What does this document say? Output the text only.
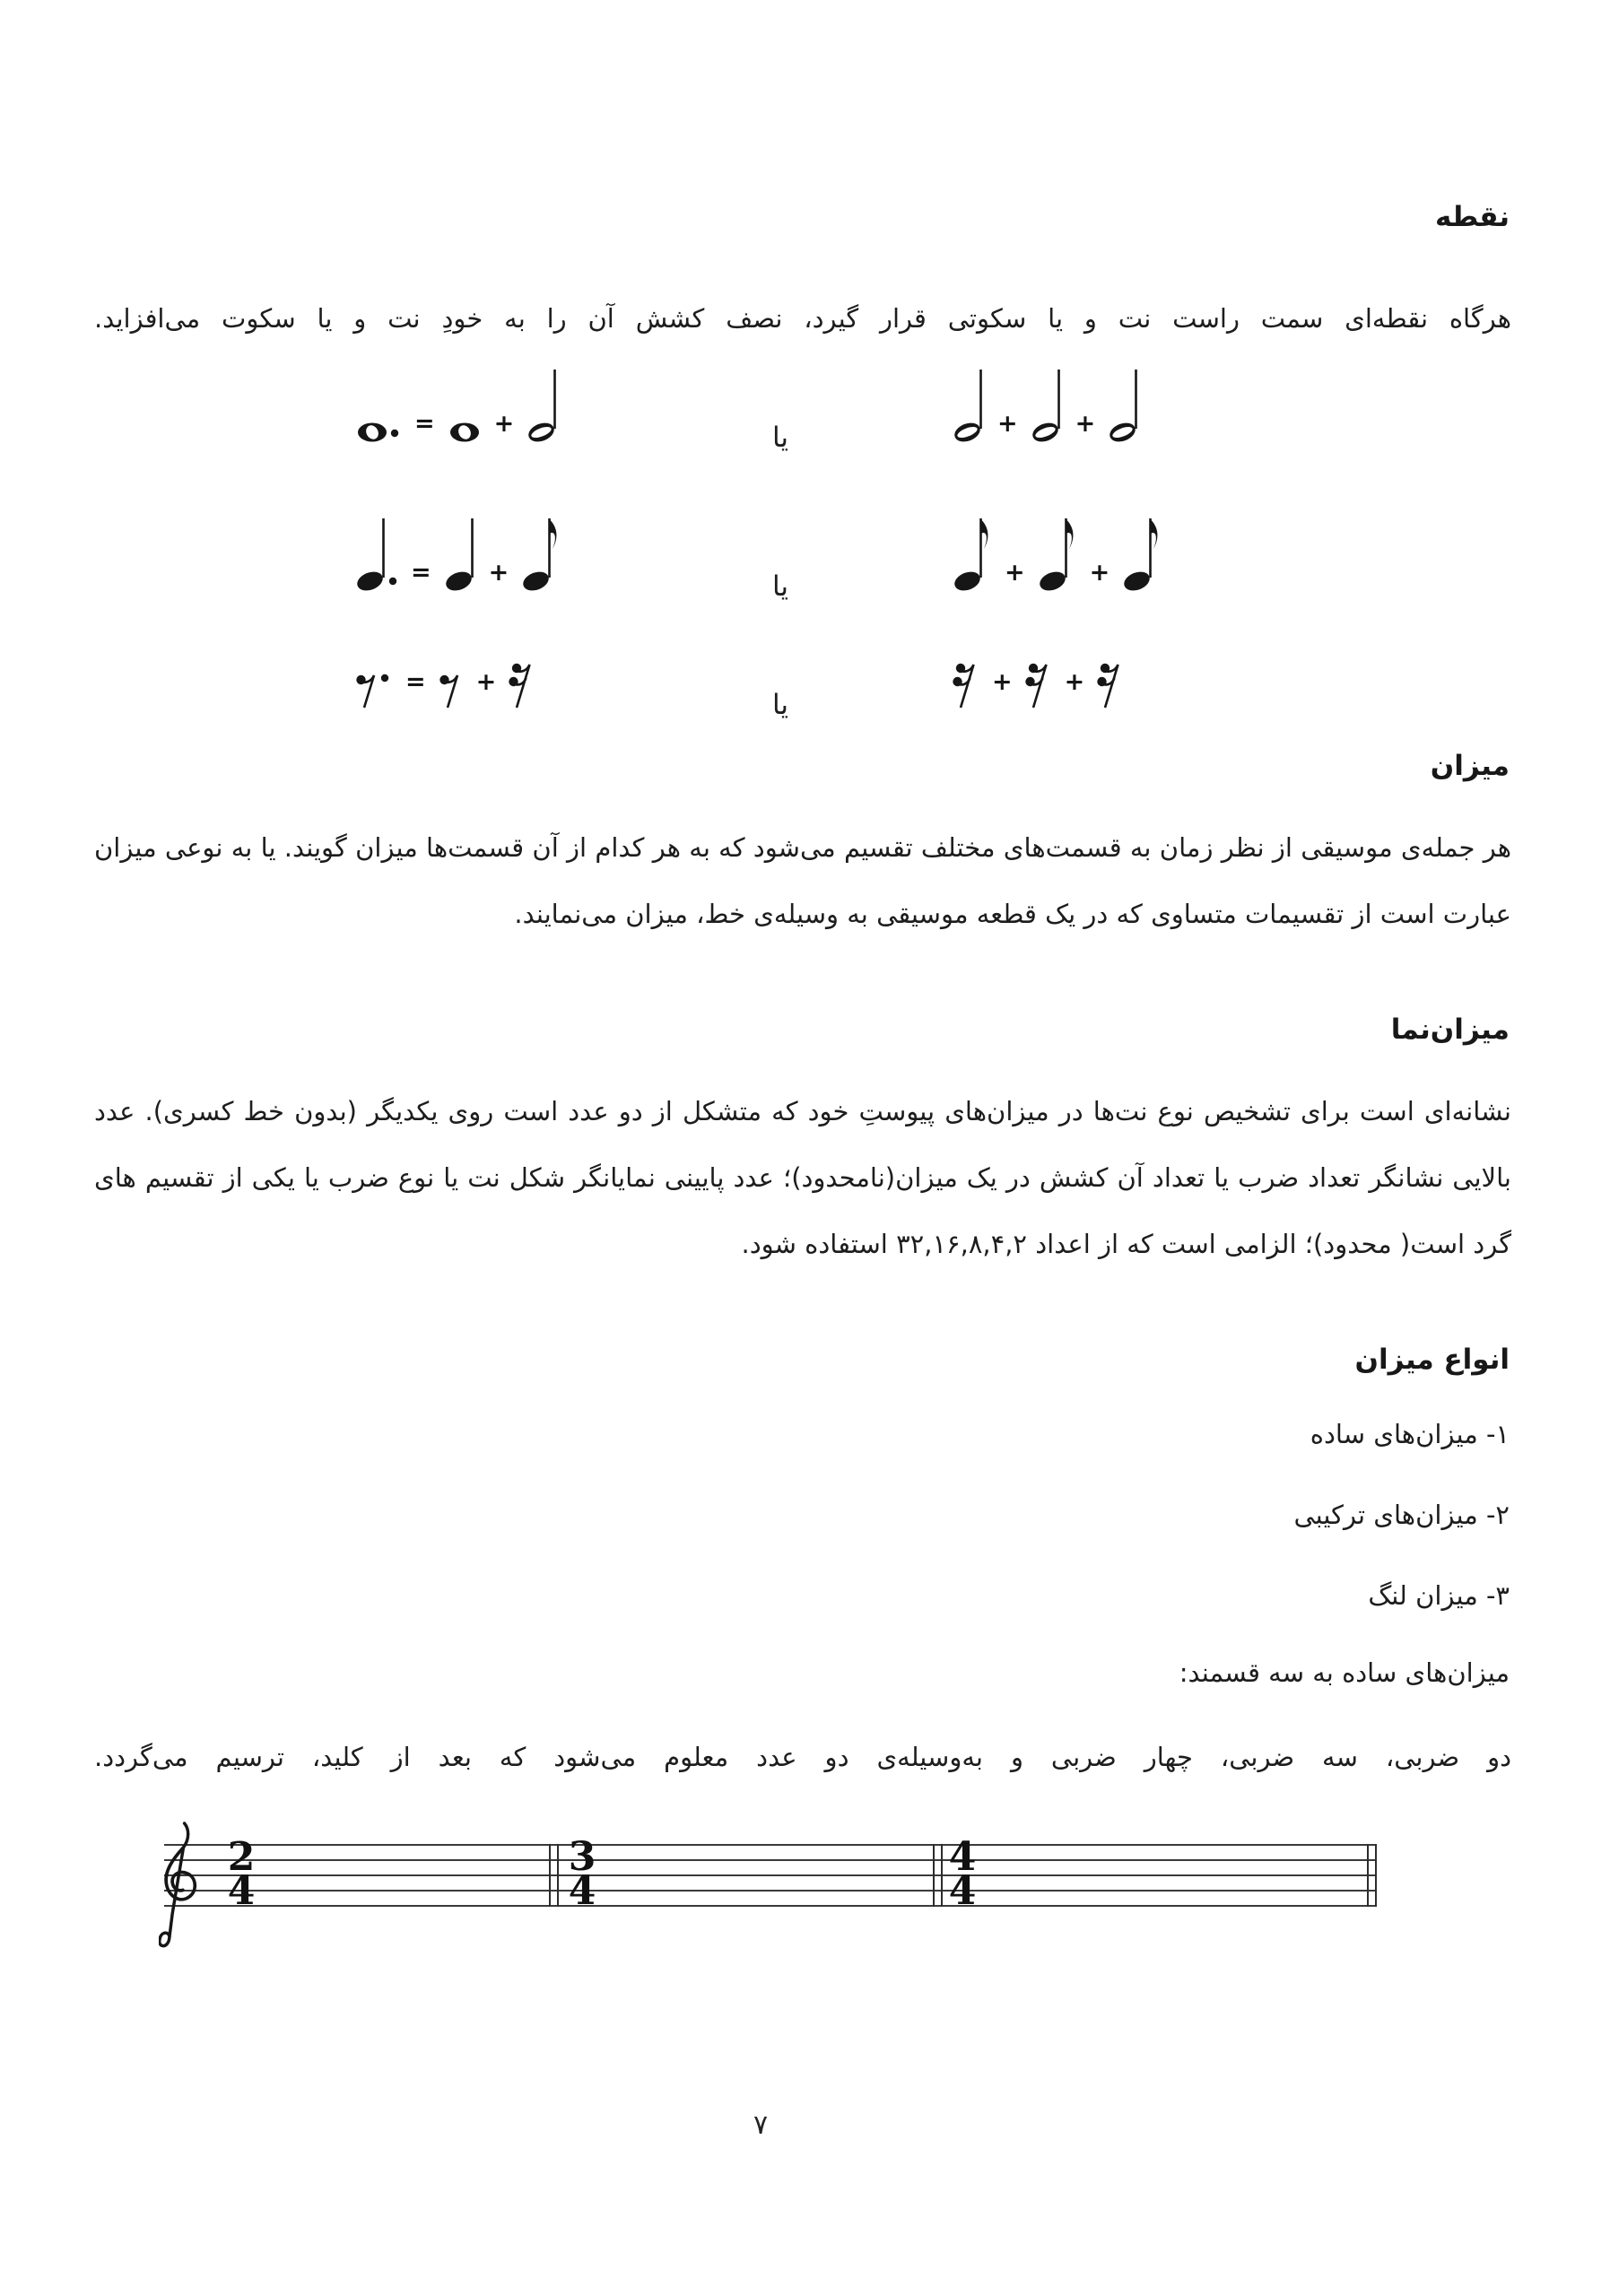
نقطه
هرگاه نقطه‌ای سمت راست نت و یا سکوتی قرار گیرد، نصف کشش آن را به خودِ نت و یا سکوت می‌افزاید.
= +	یا	+ +
= +	یا	+	+
= +
یا
+ +
میزان
هر جمله‌ی موسیقی از نظر زمان به قسمت‌های مختلف تقسیم می‌شود که به هر کدام از آن قسمت‌ها میزان گویند. یا به نوعی میزان عبارت است از تقسیمات متساوی که در یک قطعه موسیقی به وسیله‌ی خط، میزان می‌نمایند.
میزان‌نما
نشانه‌ای است برای تشخیص نوع نت‌ها در میزان‌های پیوستِ خود که متشکل از دو عدد است روی یکدیگر (بدون خط کسری). عدد بالایی نشانگر تعداد ضرب یا تعداد آن کشش در یک میزان(نامحدود)؛ عدد پایینی نمایانگر شکل نت یا نوع ضرب یا یکی از تقسیم های گرد است( محدود)؛ الزامی است که از اعداد ۳۲,۱۶,۸,۴,۲ استفاده شود.
انواع میزان
۱- میزان‌های ساده
۲- میزان‌های ترکیبی
۳- میزان لنگ
میزان‌های ساده به سه قسمند:
دو ضربی، سه ضربی، چهار ضربی و به‌وسیله‌ی دو عدد معلوم می‌شود که بعد از کلید، ترسیم می‌گردد.
2
4
3
4
4
4
۷
